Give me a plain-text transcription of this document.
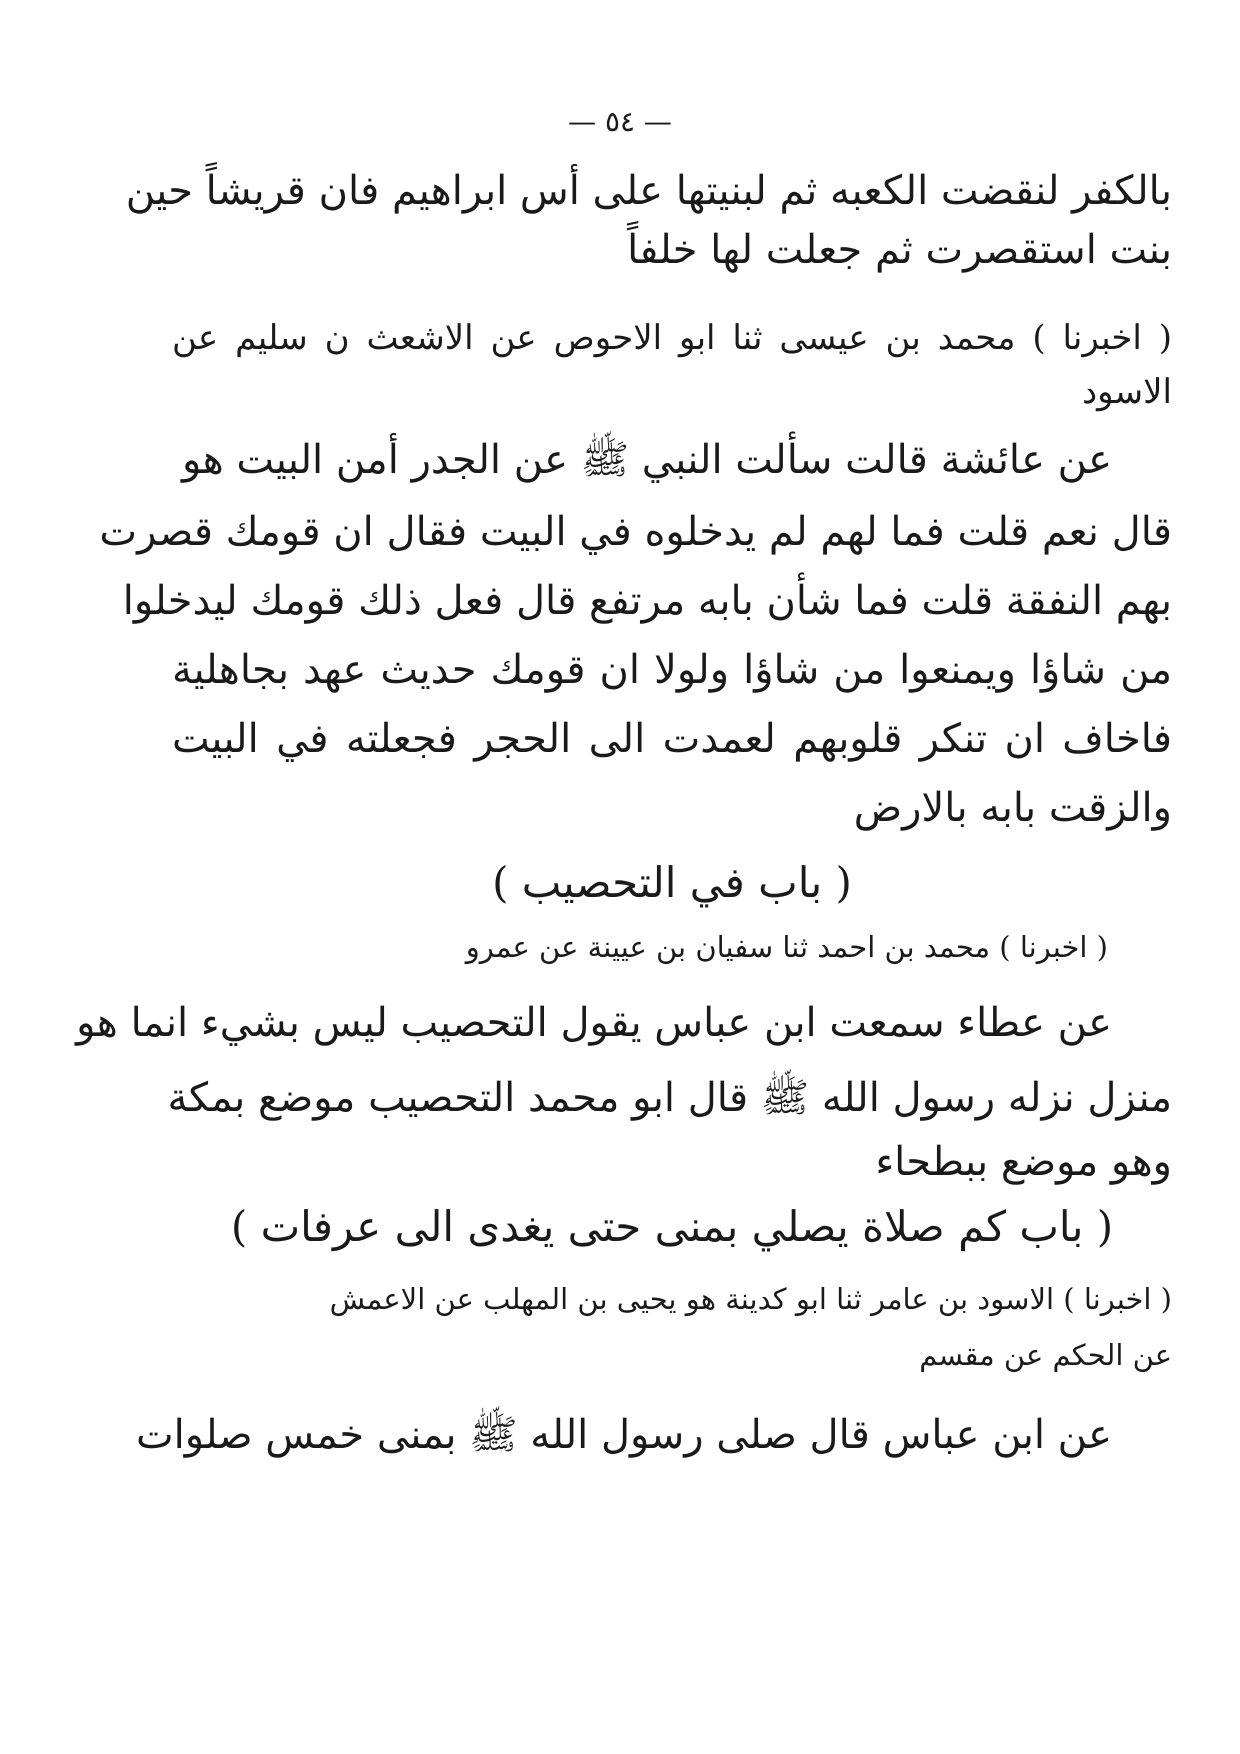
— ٥٤ —
بالكفر لنقضت الكعبه ثم لبنيتها على أس ابراهيم فان قريشاً حين
بنت استقصرت ثم جعلت لها خلفاً
( اخبرنا ) محمد بن عيسى ثنا ابو الاحوص عن الاشعث ن سليم عن
الاسود
عن عائشة قالت سألت النبي ﷺ عن الجدر أمن البيت هو
قال نعم قلت فما لهم لم يدخلوه في البيت فقال ان قومك قصرت
بهم النفقة قلت فما شأن بابه مرتفع قال فعل ذلك قومك ليدخلوا
من شاؤا ويمنعوا من شاؤا ولولا ان قومك حديث عهد بجاهلية
فاخاف ان تنكر قلوبهم لعمدت الى الحجر فجعلته في البيت
والزقت بابه بالارض
( باب في التحصيب )
( اخبرنا ) محمد بن احمد ثنا سفيان بن عيينة عن عمرو
عن عطاء سمعت ابن عباس يقول التحصيب ليس بشيء انما هو
منزل نزله رسول الله ﷺ قال ابو محمد التحصيب موضع بمكة
وهو موضع ببطحاء
( باب كم صلاة يصلي بمنى حتى يغدى الى عرفات )
( اخبرنا ) الاسود بن عامر ثنا ابو كدينة هو يحيى بن المهلب عن الاعمش
عن الحكم عن مقسم
عن ابن عباس قال صلى رسول الله ﷺ بمنى خمس صلوات
